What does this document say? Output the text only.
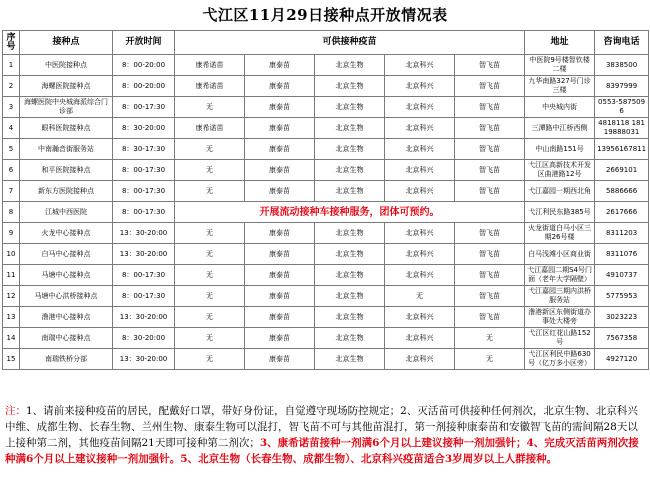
弋江区11月29日接种点开放情况表
序号	接种点	开放时间	可供接种疫苗					地址	咨询电话
1	中医院接种点	8：00-20:00	康希诺苗	康泰苗	北京生物	北京科兴	智飞苗	中医院9号楼智钦楼二楼	3838500
2	海螺医院接种点	8：00-20:00	康希诺苗	康泰苗	北京生物	北京科兴	智飞苗	九华南路327号门诊三楼	8397999
3	海螺医院中央城海派综合门诊部	8：00-17:30	无	康泰苗	北京生物	北京科兴	智飞苗	中央城内街	0553-5875096
4	眼科医院接种点	8：30-20:00	康希诺苗	康泰苗	北京生物	北京科兴	智飞苗	三潭路中江桥西侧	4818118 18119888031
5	中南瀚音街服务站	8：30-17:30	无	康泰苗	北京生物	北京科兴	智飞苗	中山南路151号	13956167811
6	和平医院接种点	8：00-17:30	无	康泰苗	北京生物	北京科兴	智飞苗	弋江区高新技术开发区曲港路12号	2669101
7	新东方医院接种点	8：00-17:30	无	康泰苗	北京生物	北京科兴	智飞苗	弋江嘉园一期西北角	5886666
8	江城中西医院	8：00-17:30	开展流动接种车接种服务，团体可预约。					弋江利民东路385号	2617666
9	火龙中心接种点	13：30-20:00	无	康泰苗	北京生物	北京科兴	智飞苗	火龙街道白马小区三期26号楼	8311203
10	白马中心接种点	13：30-20:00	无	康泰苗	北京生物	北京科兴	智飞苗	白马浅滩小区商业街	8311076
11	马塘中心接种点	8：00-17:30	无	康泰苗	北京生物	北京科兴	智飞苗	弋江嘉园二期S4号门面（老年大学隔壁）	4910737
12	马塘中心洪桥接种点	8：00-17:30	无	康泰苗	北京生物	无	智飞苗	弋江嘉园三期内洪桥服务站	5775953
13	澛港中心接种点	13：30-20:00	无	康泰苗	北京生物	北京科兴	智飞苗	澛港新区东侧街道办事处大楼旁	3023223
14	南瑞中心接种点	8：30-20:00	无	康泰苗	北京生物	北京科兴	无	弋江区红花山路152号	7567358
15	南瑞铁桥分部	13：30-20:00	无	康泰苗	北京生物	北京科兴	无	弋江区利民中路630号（亿万多小区旁）	4927120
注：1、请前来接种疫苗的居民，配戴好口罩，带好身份证，自觉遵守现场防控规定；2、灭活苗可供接种任何剂次，北京生物、北京科兴中维、成都生物、长春生物、兰州生物、康泰生物可以混打，智飞苗不可与其他苗混打，第一剂接种康泰苗和安徽智飞苗的需间隔28天以上接种第二剂，其他疫苗间隔21天即可接种第二剂次；3、康希诺苗接种一剂满6个月以上建议接种一剂加强针；4、完成灭活苗两剂次接种满6个月以上建议接种一剂加强针。5、北京生物（长春生物、成都生物）、北京科兴疫苗适合3岁周岁以上人群接种。
